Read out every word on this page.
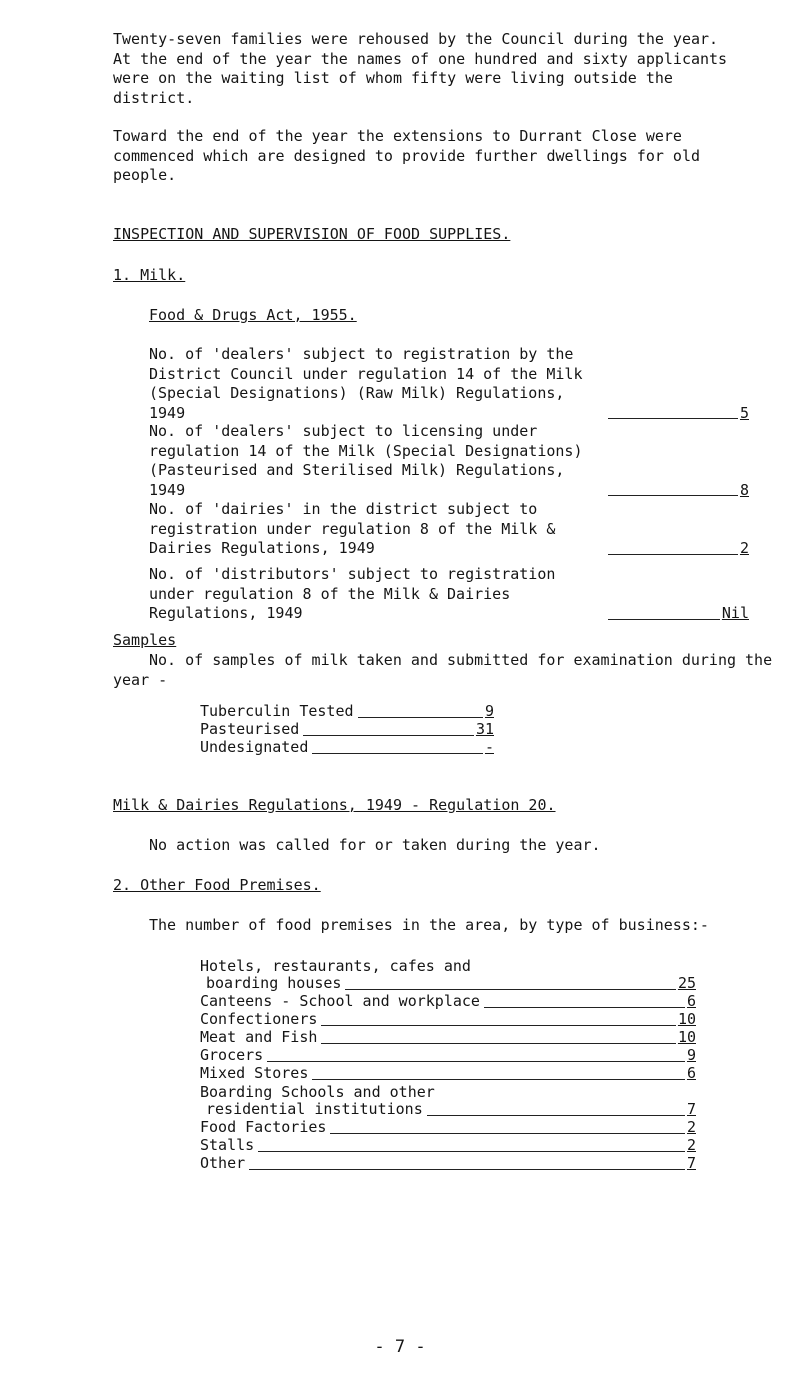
Twenty-seven families were rehoused by the Council during the year. At the end of the year the names of one hundred and sixty applicants were on the waiting list of whom fifty were living outside the district.

Toward the end of the year the extensions to Durrant Close were commenced which are designed to provide further dwellings for old people.

INSPECTION AND SUPERVISION OF FOOD SUPPLIES.
1. Milk.
Food & Drugs Act, 1955.
No. of 'dealers' subject to registration by the District Council under regulation 14 of the Milk (Special Designations) (Raw Milk) Regulations, 1949	5
No. of 'dealers' subject to licensing under regulation 14 of the Milk (Special Designations) (Pasteurised and Sterilised Milk) Regulations, 1949	8
No. of 'dairies' in the district subject to registration under regulation 8 of the Milk & Dairies Regulations, 1949	2
No. of 'distributors' subject to registration under regulation 8 of the Milk & Dairies Regulations, 1949	Nil
Samples

No. of samples of milk taken and submitted for examination during the year -

Tuberculin Tested	9
Pasteurised	31
Undesignated	-
Milk & Dairies Regulations, 1949 - Regulation 20.
No action was called for or taken during the year.
2. Other Food Premises.
The number of food premises in the area, by type of business:-
Hotels, restaurants, cafes and
boarding houses	25
Canteens - School and workplace	6
Confectioners	10
Meat and Fish	10
Grocers	9
Mixed Stores	6
Boarding Schools and other
residential institutions	7
Food Factories	2
Stalls	2
Other	7
- 7 -
